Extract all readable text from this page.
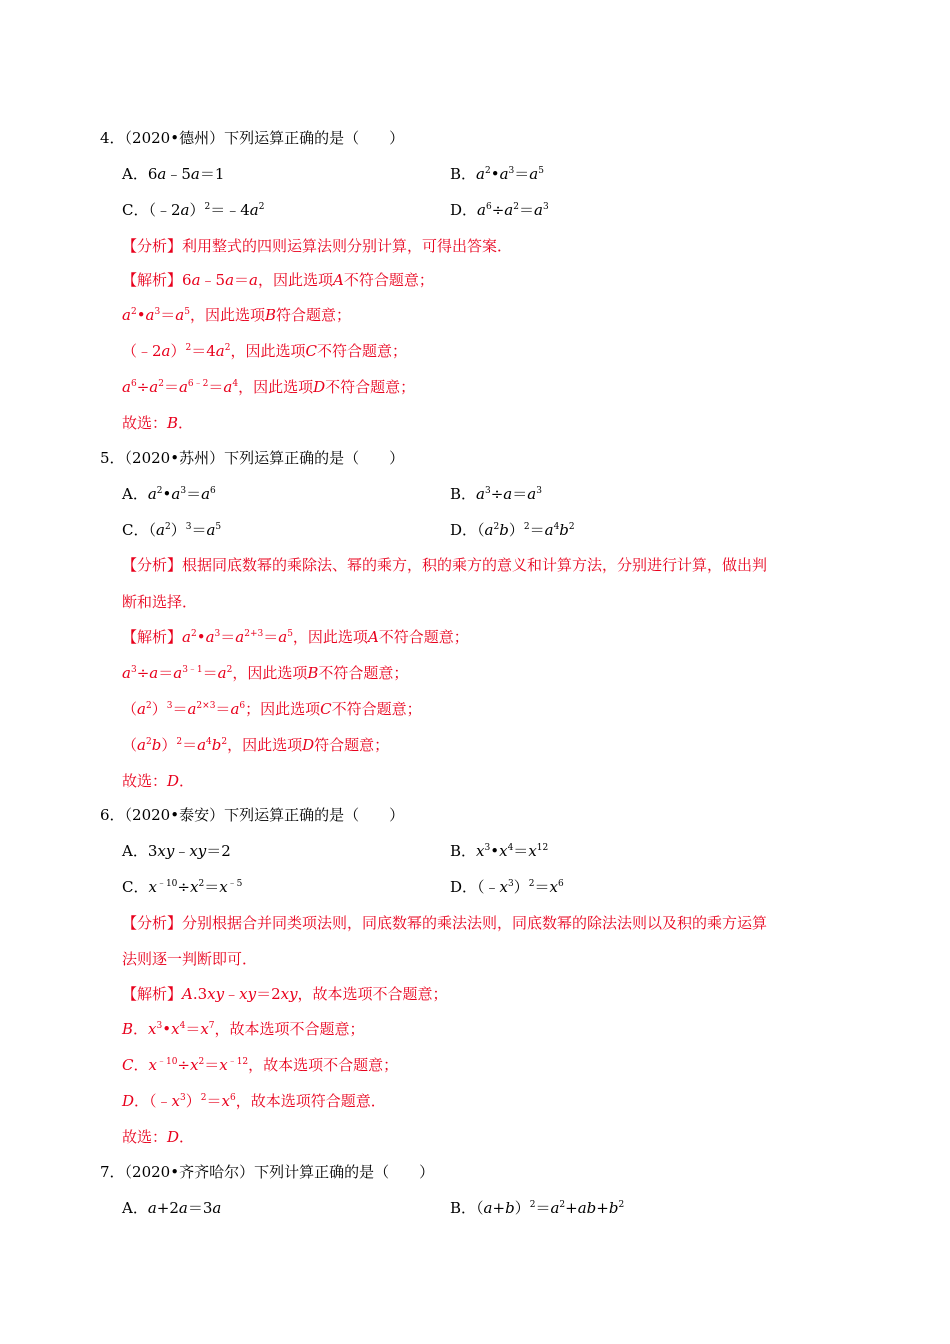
4．（2020•德州）下列运算正确的是（　　）
A．6a﹣5a＝1	B．$a^2•a^3=a^5$
C．$(﹣2a)^2=﹣4a^2$	D．$a^6\div a^2=a^3$
【分析】利用整式的四则运算法则分别计算，可得出答案．
【解析】6a﹣5a＝a，因此选项A不符合题意；
$a^2•a^3=a^5$，因此选项B符合题意；
$(﹣2a)^2=4a^2$，因此选项C不符合题意；
$a^6\div a^2=a^{6﹣2}=a^4$，因此选项D不符合题意；
故选：B．
5．（2020•苏州）下列运算正确的是（　　）
A．$a^2•a^3=a^6$	B．$a^3\div a=a^3$
C．$(a^2)^3=a^5$	D．$(a^2b)^2=a^4b^2$
【分析】根据同底数幂的乘除法、幂的乘方，积的乘方的意义和计算方法，分别进行计算，做出判
断和选择．
【解析】$a^2•a^3=a^{2+3}=a^5$，因此选项A不符合题意；
$a^3\div a=a^{3﹣1}=a^2$，因此选项B不符合题意；
$(a^2)^3=a^{2\times 3}=a^6$；因此选项C不符合题意；
$(a^2b)^2=a^4b^2$，因此选项D符合题意；
故选：D．
6．（2020•泰安）下列运算正确的是（　　）
A．3xy﹣xy＝2	B．$x^3•x^4=x^{12}$
C．$x^{﹣10}\div x^2=x^{﹣5}$	D．$(﹣x^3)^2=x^6$
【分析】分别根据合并同类项法则，同底数幂的乘法法则，同底数幂的除法法则以及积的乘方运算
法则逐一判断即可．
【解析】A.3xy﹣xy＝2xy，故本选项不合题意；
B．$x^3•x^4=x^7$，故本选项不合题意；
C．$x^{﹣10}\div x^2=x^{﹣12}$，故本选项不合题意；
D．$(﹣x^3)^2=x^6$，故本选项符合题意．
故选：D．
7．（2020•齐齐哈尔）下列计算正确的是（　　）
A．a+2a＝3a	B．$(a+b)^2=a^2+ab+b^2$
